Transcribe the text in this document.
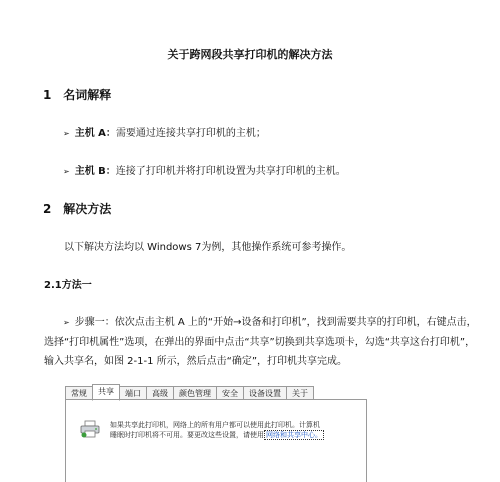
关于跨网段共享打印机的解决方法
1 名词解释
➢ 主机 A：需要通过连接共享打印机的主机；
➢ 主机 B：连接了打印机并将打印机设置为共享打印机的主机。
2 解决方法
以下解决方法均以 Windows 7为例，其他操作系统可参考操作。
2.1方法一
➢ 步骤一：依次点击主机 A 上的“开始→设备和打印机”，找到需要共享的打印机，右键点击，
选择“打印机属性”选项，在弹出的界面中点击“共享”切换到共享选项卡，勾选“共享这台打印机”，
输入共享名，如图 2-1-1 所示，然后点击“确定”，打印机共享完成。
常规	共享	端口	高级	颜色管理	安全	设备设置	关于
如果共享此打印机，网络上的所有用户都可以使用此打印机。计算机
睡眠时打印机将不可用。要更改这些设置，请使用 网络和共享中心。
